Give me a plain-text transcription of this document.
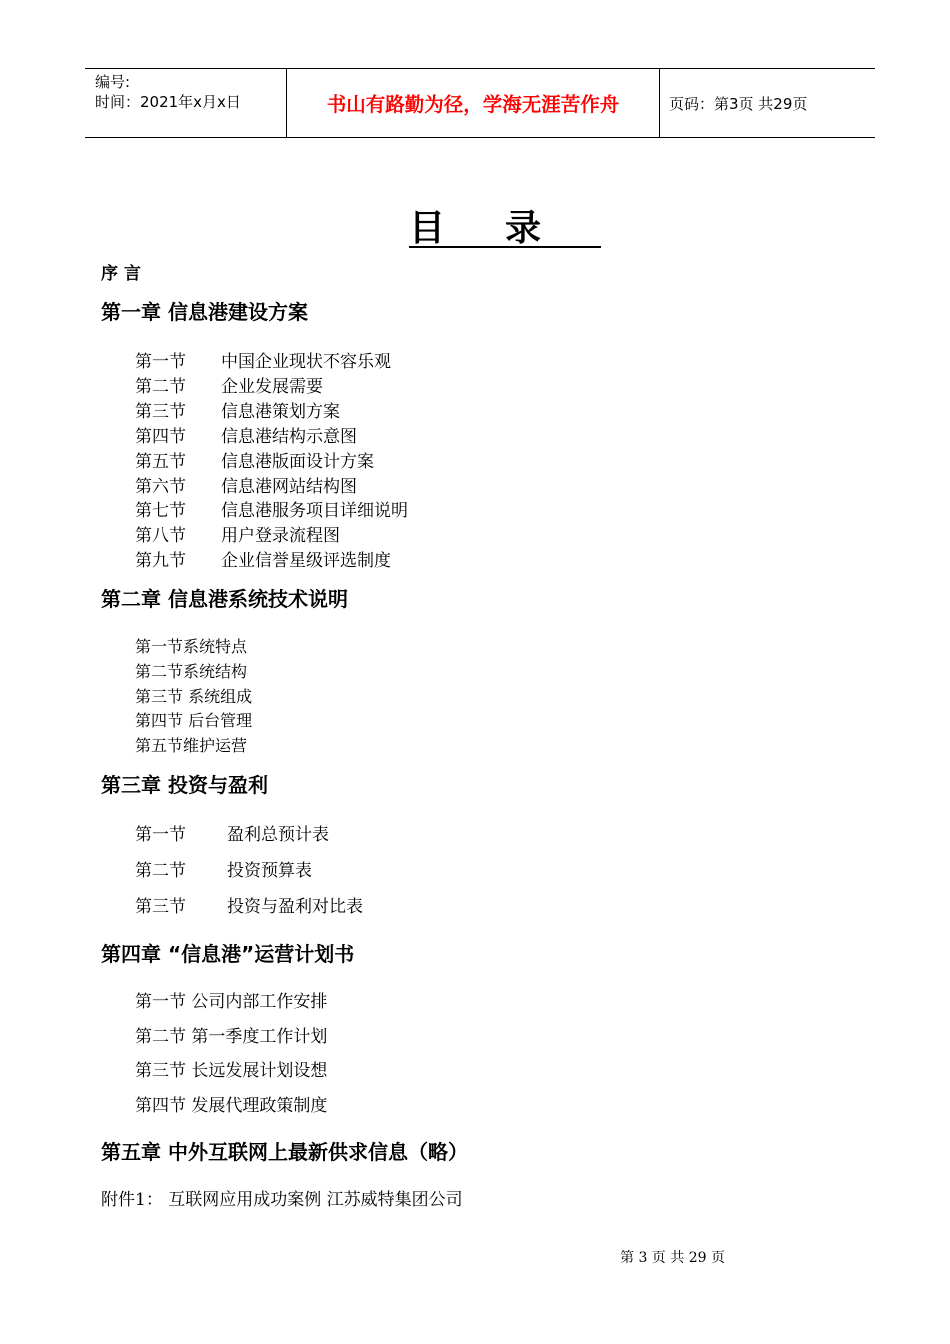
编号:
时间：2021年x月x日	书山有路勤为径，学海无涯苦作舟	页码：第3页 共29页
目录
序 言
第一章 信息港建设方案
第二章 信息港系统技术说明
第三章 投资与盈利
第四章 “信息港”运营计划书
第五章 中外互联网上最新供求信息（略）
附件1： 互联网应用成功案例 江苏威特集团公司
第 3 页 共 29 页
第一节 中国企业现状不容乐观
第二节 企业发展需要
第三节 信息港策划方案
第四节 信息港结构示意图
第五节 信息港版面设计方案
第六节 信息港网站结构图
第七节 信息港服务项目详细说明
第八节 用户登录流程图
第九节 企业信誉星级评选制度
第一节系统特点
第二节系统结构
第三节 系统组成
第四节 后台管理
第五节维护运营
第一节 盈利总预计表
第二节 投资预算表
第三节 投资与盈利对比表
第一节 公司内部工作安排
第二节 第一季度工作计划
第三节 长远发展计划设想
第四节 发展代理政策制度
